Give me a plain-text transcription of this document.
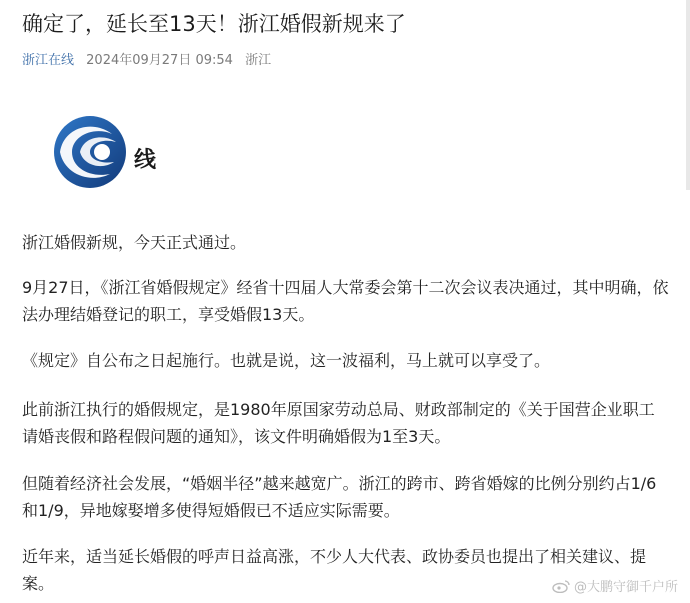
确定了，延长至13天！浙江婚假新规来了
浙江在线 2024年09月27日 09:54 浙江
线
浙江婚假新规，今天正式通过。
9月27日，《浙江省婚假规定》经省十四届人大常委会第十二次会议表决通过，其中明确，依法办理结婚登记的职工，享受婚假13天。
《规定》自公布之日起施行。也就是说，这一波福利，马上就可以享受了。
此前浙江执行的婚假规定，是1980年原国家劳动总局、财政部制定的《关于国营企业职工请婚丧假和路程假问题的通知》，该文件明确婚假为1至3天。
但随着经济社会发展，“婚姻半径”越来越宽广。浙江的跨市、跨省婚嫁的比例分别约占1/6和1/9，异地嫁娶增多使得短婚假已不适应实际需要。
近年来，适当延长婚假的呼声日益高涨，不少人大代表、政协委员也提出了相关建议、提案。	@大鹏守御千户所
